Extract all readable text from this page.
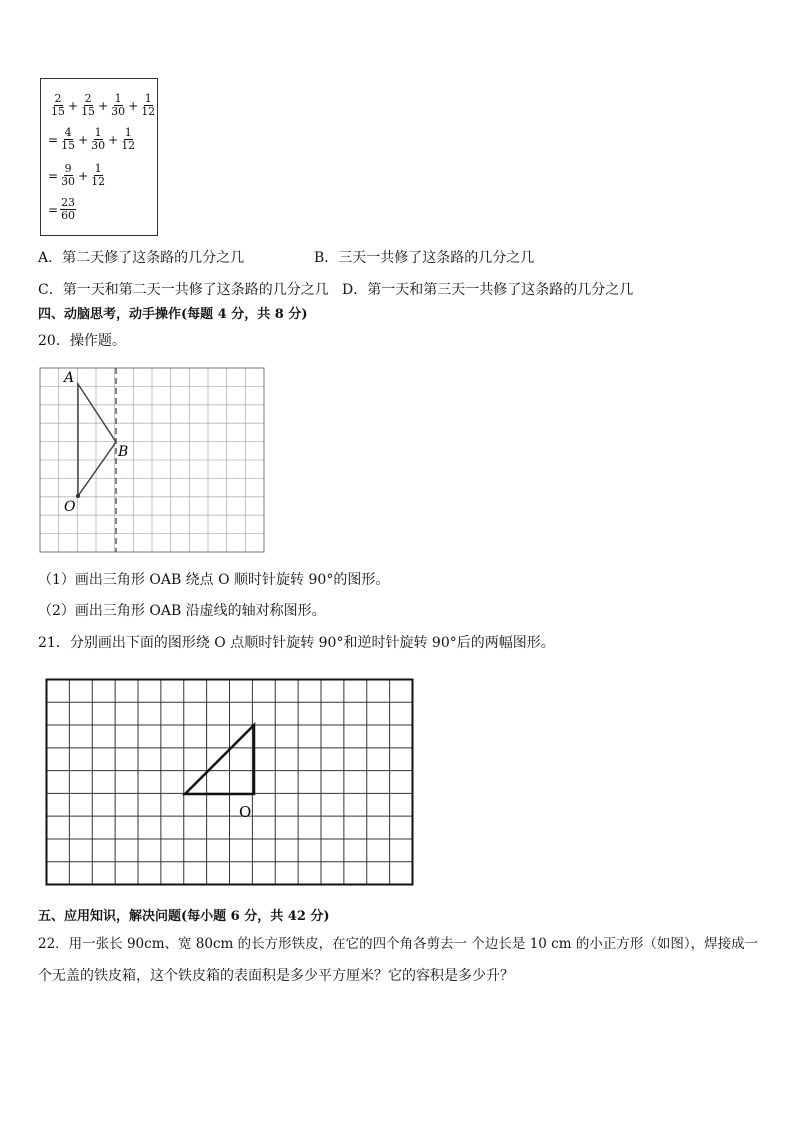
$\frac{2}{15} + \frac{2}{15} + \frac{1}{30} + \frac{1}{12}$
= $\frac{4}{15} + \frac{1}{30} + \frac{1}{12}$
= $\frac{9}{30} + \frac{1}{12}$
= $\frac{23}{60}$
A．第二天修了这条路的几分之几	B．三天一共修了这条路的几分之几
C．第一天和第二天一共修了这条路的几分之几 D．第一天和第三天一共修了这条路的几分之几
四、动脑思考，动手操作(每题 4 分，共 8 分)
20．操作题。
A
B
O
（1）画出三角形 OAB 绕点 O 顺时针旋转 90°的图形。
（2）画出三角形 OAB 沿虚线的轴对称图形。
21．分别画出下面的图形绕 O 点顺时针旋转 90°和逆时针旋转 90°后的两幅图形。
O
五、应用知识，解决问题(每小题 6 分，共 42 分)
22．用一张长 90cm、宽 80cm 的长方形铁皮，在它的四个角各剪去一 个边长是 10 cm 的小正方形（如图），焊接成一
个无盖的铁皮箱，这个铁皮箱的表面积是多少平方厘米？它的容积是多少升？
